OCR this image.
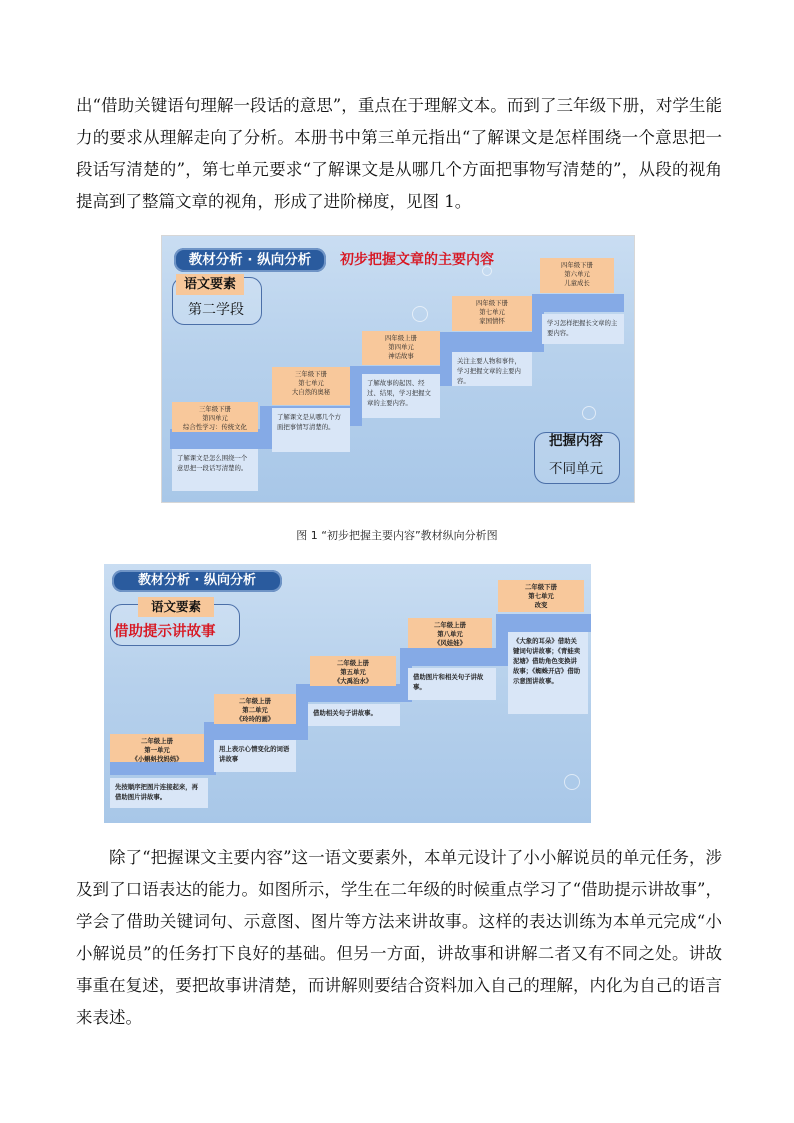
出“借助关键语句理解一段话的意思”，重点在于理解文本。而到了三年级下册，对学生能力的要求从理解走向了分析。本册书中第三单元指出“了解课文是怎样围绕一个意思把一段话写清楚的”，第七单元要求“了解课文是从哪几个方面把事物写清楚的”，从段的视角提高到了整篇文章的视角，形成了进阶梯度，见图 1。

教材分析 · 纵向分析	初步把握文章的主要内容
语文要素
第二学段
三年级下册
第四单元
综合性学习：传统文化
了解课文是怎么围绕一个意思把一段话写清楚的。
三年级下册
第七单元
大自然的奥秘
了解课文是从哪几个方面把事情写清楚的。
四年级上册
第四单元
神话故事
了解故事的起因、经过、结果，学习把握文章的主要内容。
四年级下册
第七单元
家国情怀
关注主要人物和事件，学习把握文章的主要内容。
四年级下册
第六单元
儿童成长
学习怎样把握长文章的主要内容。
把握内容
不同单元
图 1 “初步把握主要内容”教材纵向分析图
教材分析 · 纵向分析
语文要素
借助提示讲故事
二年级上册
第一单元
《小蝌蚪找妈妈》
先按顺序把图片连接起来，再借助图片讲故事。
二年级上册
第二单元
《玲玲的画》
用上表示心情变化的词语讲故事
二年级上册
第五单元
《大禹治水》
借助相关句子讲故事。
二年级上册
第八单元
《风娃娃》
借助图片和相关句子讲故事。
二年级下册
第七单元
改变
《大象的耳朵》借助关键词句讲故事；《青蛙卖泥塘》借助角色变换讲故事；《蜘蛛开店》借助示意图讲故事。

除了“把握课文主要内容”这一语文要素外，本单元设计了小小解说员的单元任务，涉及到了口语表达的能力。如图所示，学生在二年级的时候重点学习了“借助提示讲故事”，学会了借助关键词句、示意图、图片等方法来讲故事。这样的表达训练为本单元完成“小小解说员”的任务打下良好的基础。但另一方面，讲故事和讲解二者又有不同之处。讲故事重在复述，要把故事讲清楚，而讲解则要结合资料加入自己的理解，内化为自己的语言来表述。
